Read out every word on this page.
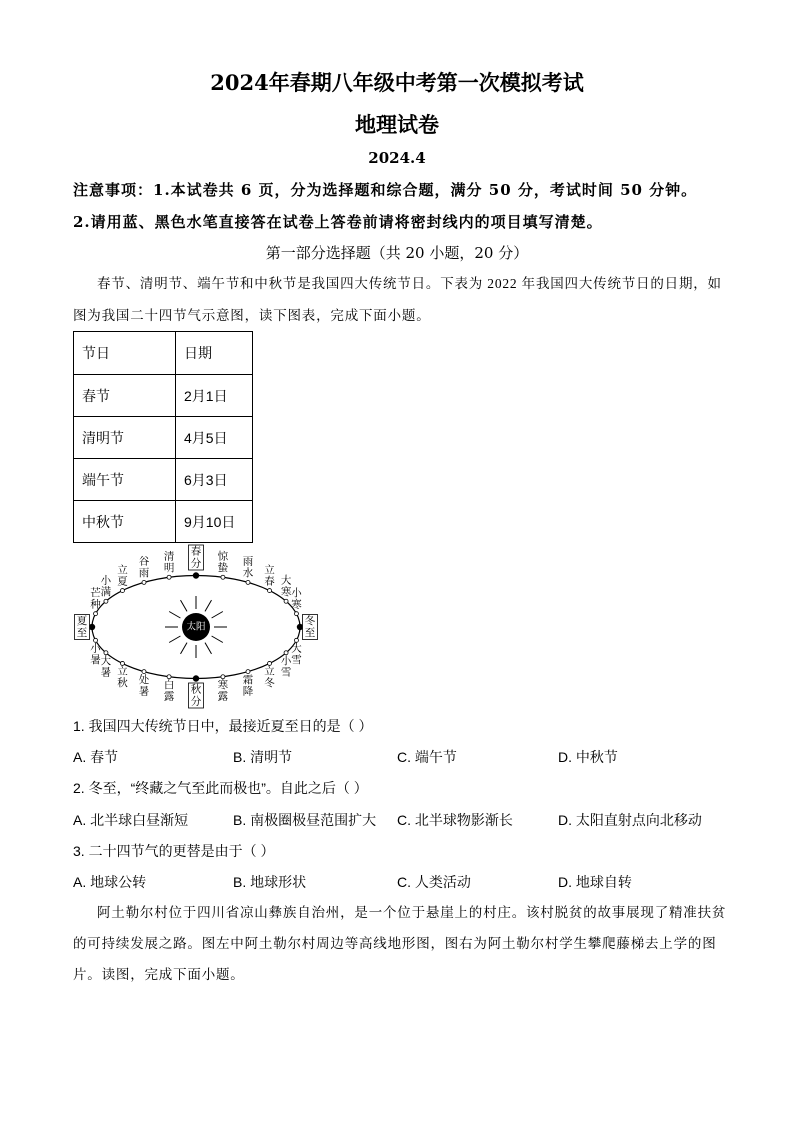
2024年春期八年级中考第一次模拟考试
地理试卷
2024.4
注意事项：1.本试卷共 6 页，分为选择题和综合题，满分 50 分，考试时间 50 分钟。
2.请用蓝、黑色水笔直接答在试卷上答卷前请将密封线内的项目填写清楚。
第一部分选择题（共 20 小题，20 分）
春节、清明节、端午节和中秋节是我国四大传统节日。下表为 2022 年我国四大传统节日的日期，如
图为我国二十四节气示意图，读下图表，完成下面小题。
节日	日期
春节	2月1日
清明节	4月5日
端午节	6月3日
中秋节	9月10日
太阳
春分
清明
谷雨
立夏
小满
芒种
夏至
小暑 大暑 立秋 处暑
白露
秋分
寒露
霜降
立冬
小雪
大雪
冬至
小寒
大寒
立春
雨水
惊蛰
1. 我国四大传统节日中，最接近夏至日的是（ ）
A. 春节	B. 清明节	C. 端午节	D. 中秋节
2. 冬至，“终藏之气至此而极也”。自此之后（ ）
A. 北半球白昼渐短	B. 南极圈极昼范围扩大 C. 北半球物影渐长	D. 太阳直射点向北移动
3. 二十四节气的更替是由于（ ）
A. 地球公转	B. 地球形状	C. 人类活动	D. 地球自转
阿土勒尔村位于四川省凉山彝族自治州，是一个位于悬崖上的村庄。该村脱贫的故事展现了精准扶贫
的可持续发展之路。图左中阿土勒尔村周边等高线地形图，图右为阿土勒尔村学生攀爬藤梯去上学的图
片。读图，完成下面小题。
